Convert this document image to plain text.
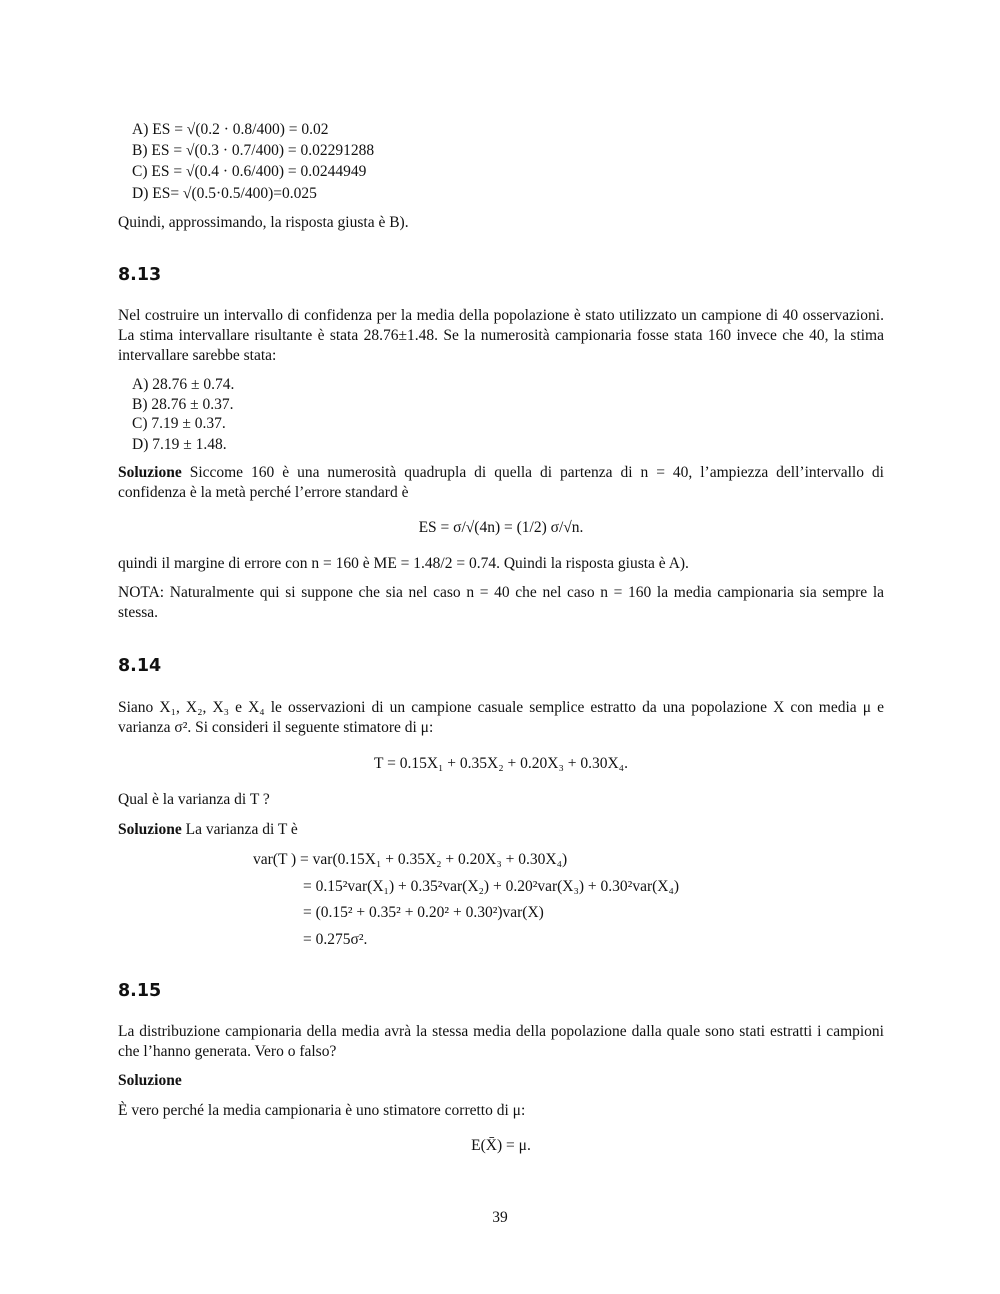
A) ES = √(0.2 · 0.8/400) = 0.02
B) ES = √(0.3 · 0.7/400) = 0.02291288
C) ES = √(0.4 · 0.6/400) = 0.0244949
D) ES= √(0.5·0.5/400)=0.025
Quindi, approssimando, la risposta giusta è B).
8.13
Nel costruire un intervallo di confidenza per la media della popolazione è stato utilizzato un campione di 40 osservazioni. La stima intervallare risultante è stata 28.76±1.48. Se la numerosità campionaria fosse stata 160 invece che 40, la stima intervallare sarebbe stata:
A) 28.76 ± 0.74.
B) 28.76 ± 0.37.
C) 7.19 ± 0.37.
D) 7.19 ± 1.48.
Soluzione Siccome 160 è una numerosità quadrupla di quella di partenza di n = 40, l’ampiezza dell’intervallo di confidenza è la metà perché l’errore standard è
ES = σ/√(4n) = (1/2) σ/√n.
quindi il margine di errore con n = 160 è ME = 1.48/2 = 0.74. Quindi la risposta giusta è A).
NOTA: Naturalmente qui si suppone che sia nel caso n = 40 che nel caso n = 160 la media campionaria sia sempre la stessa.
8.14
Siano X₁, X₂, X₃ e X₄ le osservazioni di un campione casuale semplice estratto da una popolazione X con media μ e varianza σ². Si consideri il seguente stimatore di μ:
T = 0.15X₁ + 0.35X₂ + 0.20X₃ + 0.30X₄.
Qual è la varianza di T ?
Soluzione La varianza di T è
var(T ) = var(0.15X₁ + 0.35X₂ + 0.20X₃ + 0.30X₄)
= 0.15²var(X₁) + 0.35²var(X₂) + 0.20²var(X₃) + 0.30²var(X₄)
= (0.15² + 0.35² + 0.20² + 0.30²)var(X)
= 0.275σ².
8.15
La distribuzione campionaria della media avrà la stessa media della popolazione dalla quale sono stati estratti i campioni che l’hanno generata. Vero o falso?
Soluzione
È vero perché la media campionaria è uno stimatore corretto di μ:
E(X̄) = μ.
39
